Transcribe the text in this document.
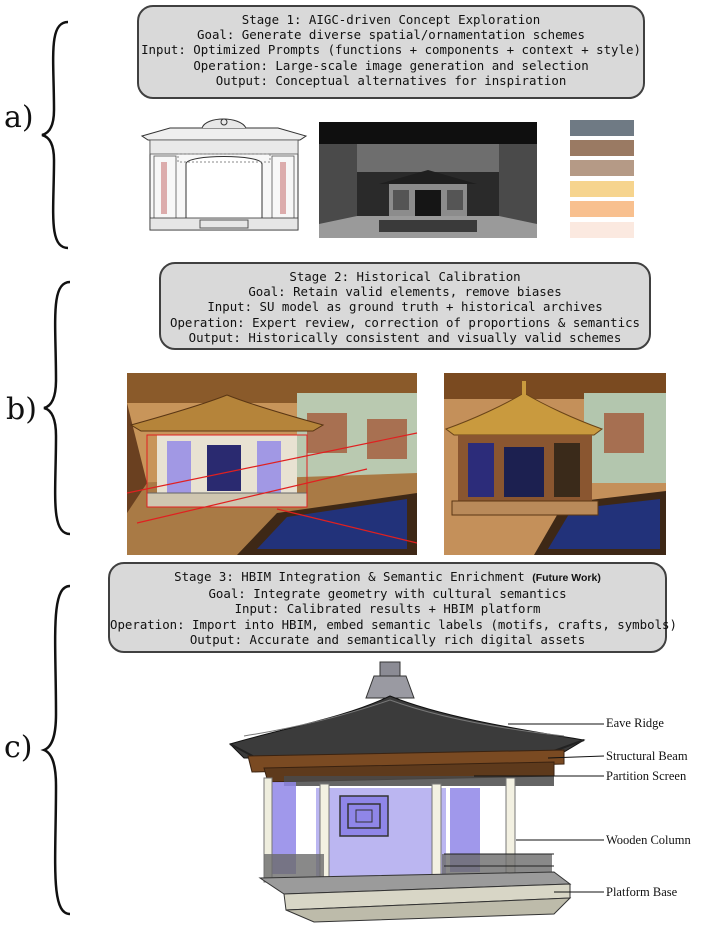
a)
Stage 1: AIGC-driven Concept Exploration
Goal: Generate diverse spatial/ornamentation schemes
Input: Optimized Prompts (functions + components + context + style)
Operation: Large-scale image generation and selection
Output: Conceptual alternatives for inspiration
b)
Stage 2: Historical Calibration
Goal: Retain valid elements, remove biases
Input: SU model as ground truth + historical archives
Operation: Expert review, correction of proportions & semantics
Output: Historically consistent and visually valid schemes
c)
Stage 3: HBIM Integration & Semantic Enrichment (Future Work)
Goal: Integrate geometry with cultural semantics
Input: Calibrated results + HBIM platform
Operation: Import into HBIM, embed semantic labels (motifs, crafts, symbols)
Output: Accurate and semantically rich digital assets
Eave Ridge
Structural Beam
Partition Screen
Wooden Column
Platform Base
